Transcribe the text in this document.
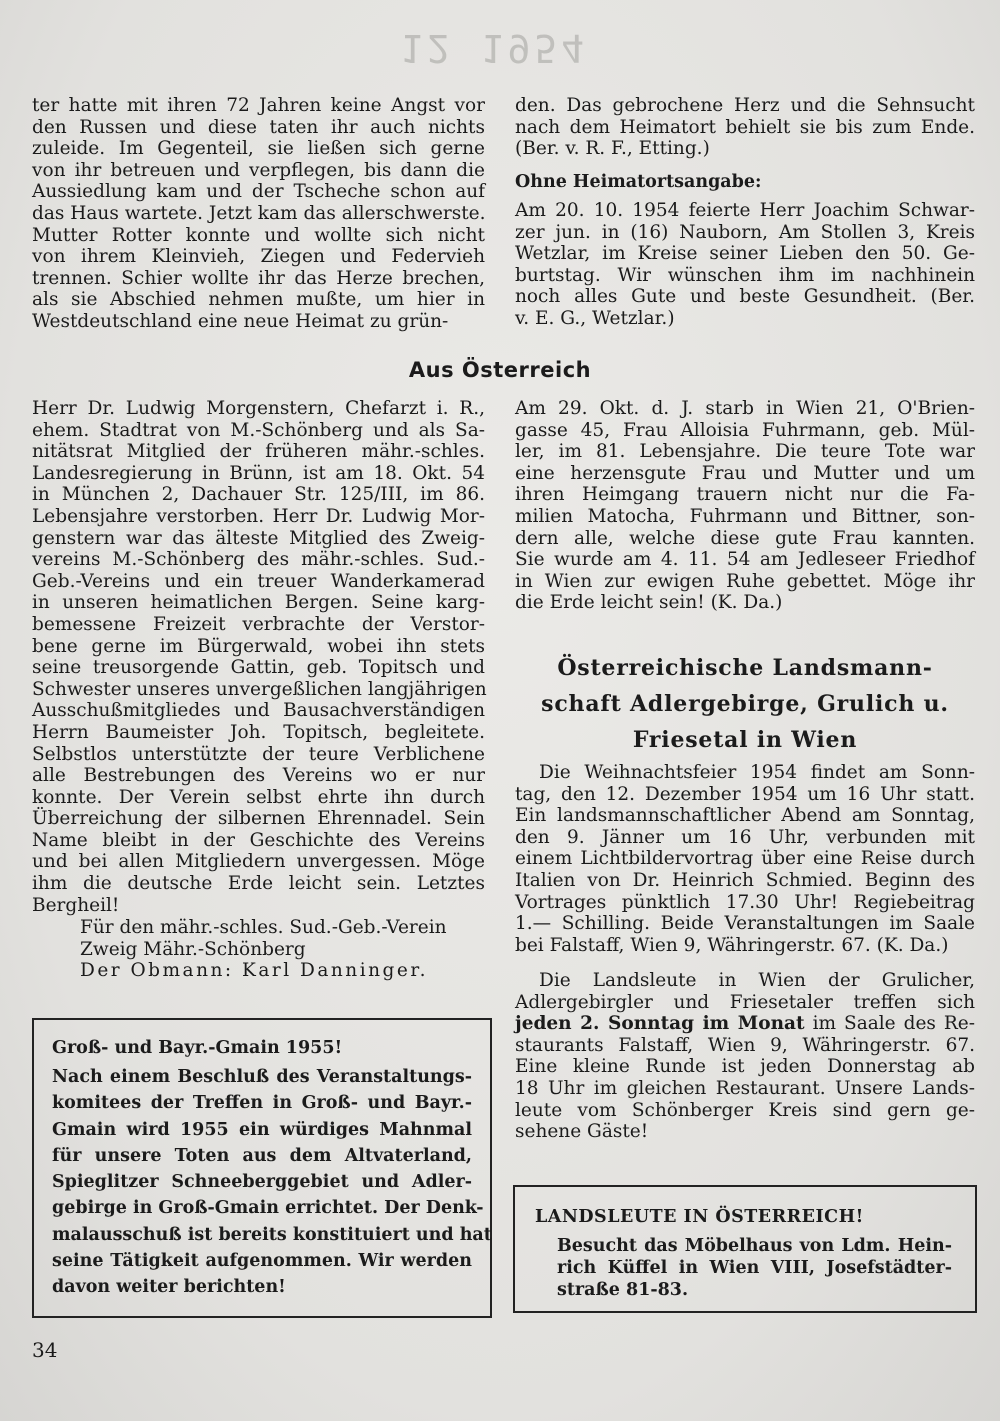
12 1954
ter hatte mit ihren 72 Jahren keine Angst vor
den Russen und diese taten ihr auch nichts
zuleide. Im Gegenteil, sie ließen sich gerne
von ihr betreuen und verpflegen, bis dann die
Aussiedlung kam und der Tscheche schon auf
das Haus wartete. Jetzt kam das allerschwerste.
Mutter Rotter konnte und wollte sich nicht
von ihrem Kleinvieh, Ziegen und Federvieh
trennen. Schier wollte ihr das Herze brechen,
als sie Abschied nehmen mußte, um hier in
Westdeutschland eine neue Heimat zu grün-
den. Das gebrochene Herz und die Sehnsucht
nach dem Heimatort behielt sie bis zum Ende.
(Ber. v. R. F., Etting.)
Ohne Heimatortsangabe:
Am 20. 10. 1954 feierte Herr Joachim Schwar-
zer jun. in (16) Nauborn, Am Stollen 3, Kreis
Wetzlar, im Kreise seiner Lieben den 50. Ge-
burtstag. Wir wünschen ihm im nachhinein
noch alles Gute und beste Gesundheit. (Ber.
v. E. G., Wetzlar.)
Aus Österreich
Herr Dr. Ludwig Morgenstern, Chefarzt i. R.,
ehem. Stadtrat von M.-Schönberg und als Sa-
nitätsrat Mitglied der früheren mähr.-schles.
Landesregierung in Brünn, ist am 18. Okt. 54
in München 2, Dachauer Str. 125/III, im 86.
Lebensjahre verstorben. Herr Dr. Ludwig Mor-
genstern war das älteste Mitglied des Zweig-
vereins M.-Schönberg des mähr.-schles. Sud.-
Geb.-Vereins und ein treuer Wanderkamerad
in unseren heimatlichen Bergen. Seine karg-
bemessene Freizeit verbrachte der Verstor-
bene gerne im Bürgerwald, wobei ihn stets
seine treusorgende Gattin, geb. Topitsch und
Schwester unseres unvergeßlichen langjährigen
Ausschußmitgliedes und Bausachverständigen
Herrn Baumeister Joh. Topitsch, begleitete.
Selbstlos unterstützte der teure Verblichene
alle Bestrebungen des Vereins wo er nur
konnte. Der Verein selbst ehrte ihn durch
Überreichung der silbernen Ehrennadel. Sein
Name bleibt in der Geschichte des Vereins
und bei allen Mitgliedern unvergessen. Möge
ihm die deutsche Erde leicht sein. Letztes
Bergheil!
Für den mähr.-schles. Sud.-Geb.-Verein
Zweig Mähr.-Schönberg
Der Obmann: Karl Danninger.
Groß- und Bayr.-Gmain 1955!
Nach einem Beschluß des Veranstaltungs-
komitees der Treffen in Groß- und Bayr.-
Gmain wird 1955 ein würdiges Mahnmal
für unsere Toten aus dem Altvaterland,
Spieglitzer Schneeberggebiet und Adler-
gebirge in Groß-Gmain errichtet. Der Denk-
malausschuß ist bereits konstituiert und hat
seine Tätigkeit aufgenommen. Wir werden
davon weiter berichten!
Am 29. Okt. d. J. starb in Wien 21, O'Brien-
gasse 45, Frau Alloisia Fuhrmann, geb. Mül-
ler, im 81. Lebensjahre. Die teure Tote war
eine herzensgute Frau und Mutter und um
ihren Heimgang trauern nicht nur die Fa-
milien Matocha, Fuhrmann und Bittner, son-
dern alle, welche diese gute Frau kannten.
Sie wurde am 4. 11. 54 am Jedleseer Friedhof
in Wien zur ewigen Ruhe gebettet. Möge ihr
die Erde leicht sein! (K. Da.)
Österreichische Landsmann-
schaft Adlergebirge, Grulich u.
Friesetal in Wien
Die Weihnachtsfeier 1954 findet am Sonn-
tag, den 12. Dezember 1954 um 16 Uhr statt.
Ein landsmannschaftlicher Abend am Sonntag,
den 9. Jänner um 16 Uhr, verbunden mit
einem Lichtbildervortrag über eine Reise durch
Italien von Dr. Heinrich Schmied. Beginn des
Vortrages pünktlich 17.30 Uhr! Regiebeitrag
1.— Schilling. Beide Veranstaltungen im Saale
bei Falstaff, Wien 9, Währingerstr. 67. (K. Da.)
Die Landsleute in Wien der Grulicher,
Adlergebirgler und Friesetaler treffen sich
jeden 2. Sonntag im Monat im Saale des Re-
staurants Falstaff, Wien 9, Währingerstr. 67.
Eine kleine Runde ist jeden Donnerstag ab
18 Uhr im gleichen Restaurant. Unsere Lands-
leute vom Schönberger Kreis sind gern ge-
sehene Gäste!
LANDSLEUTE IN ÖSTERREICH!
Besucht das Möbelhaus von Ldm. Hein-
rich Küffel in Wien VIII, Josefstädter-
straße 81-83.
34
